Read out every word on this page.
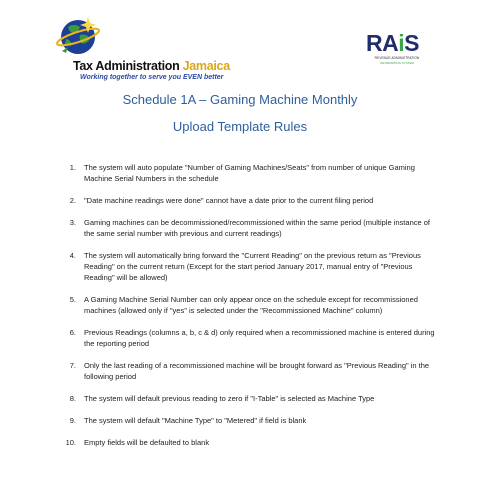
Tax Administration Jamaica
Working together to serve you EVEN better
RAiS
REVENUE ADMINISTRATION
INFORMATION SYSTEM
Schedule 1A – Gaming Machine Monthly
Upload Template Rules
1.	The system will auto populate "Number of Gaming Machines/Seats" from number of unique Gaming Machine Serial Numbers in the schedule
2.	"Date machine readings were done" cannot have a date prior to the current filing period
3.	Gaming machines can be decommissioned/recommissioned within the same period (multiple instance of the same serial number with previous and current readings)
4.	The system will automatically bring forward the "Current Reading" on the previous return as "Previous Reading" on the current return (Except for the start period January 2017, manual entry of "Previous Reading" will be allowed)
5.	A Gaming Machine Serial Number can only appear once on the schedule except for recommissioned machines (allowed only if "yes" is selected under the "Recommissioned Machine" column)
6.	Previous Readings (columns a, b, c & d) only required when a recommissioned machine is entered during the reporting period
7.	Only the last reading of a recommissioned machine will be brought forward as "Previous Reading" in the following period
8.	The system will default previous reading to zero if "I-Table" is selected as Machine Type
9.	The system will default "Machine Type" to "Metered" if field is blank
10.	Empty fields will be defaulted to blank
